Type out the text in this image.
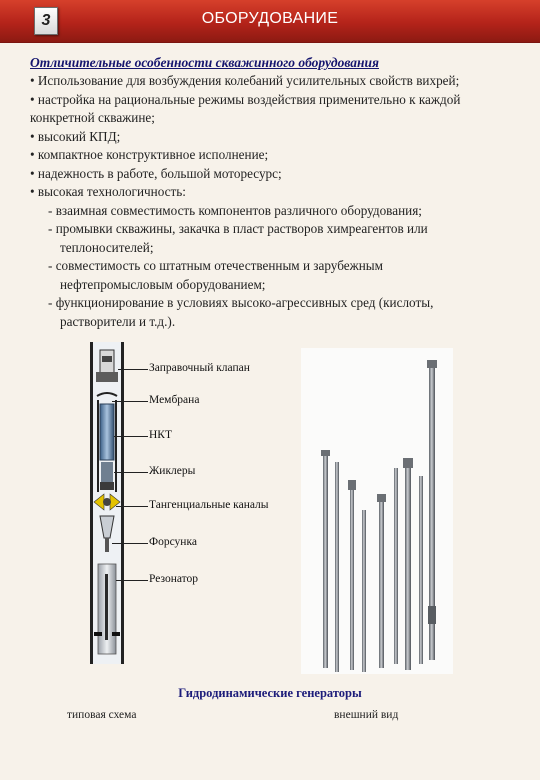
3	ОБОРУДОВАНИЕ
Отличительные особенности скважинного оборудования
• Использование для возбуждения колебаний усилительных свойств вихрей;
• настройка на рациональные режимы воздействия применительно к каждой
конкретной скважине;
• высокий КПД;
• компактное конструктивное исполнение;
• надежность в работе, большой моторесурс;
• высокая технологичность:
- взаимная совместимость компонентов различного оборудования;
- промывки скважины, закачка в пласт растворов химреагентов или
теплоносителей;
- совместимость со штатным отечественным и зарубежным
нефтепромысловым оборудованием;
- функционирование в условиях высоко-агрессивных сред (кислоты,
растворители и т.д.).
Заправочный клапан
Мембрана
НКТ
Жиклеры
Тангенциальные каналы
Форсунка
Резонатор
Гидродинамические генераторы
типовая схема	внешний вид
